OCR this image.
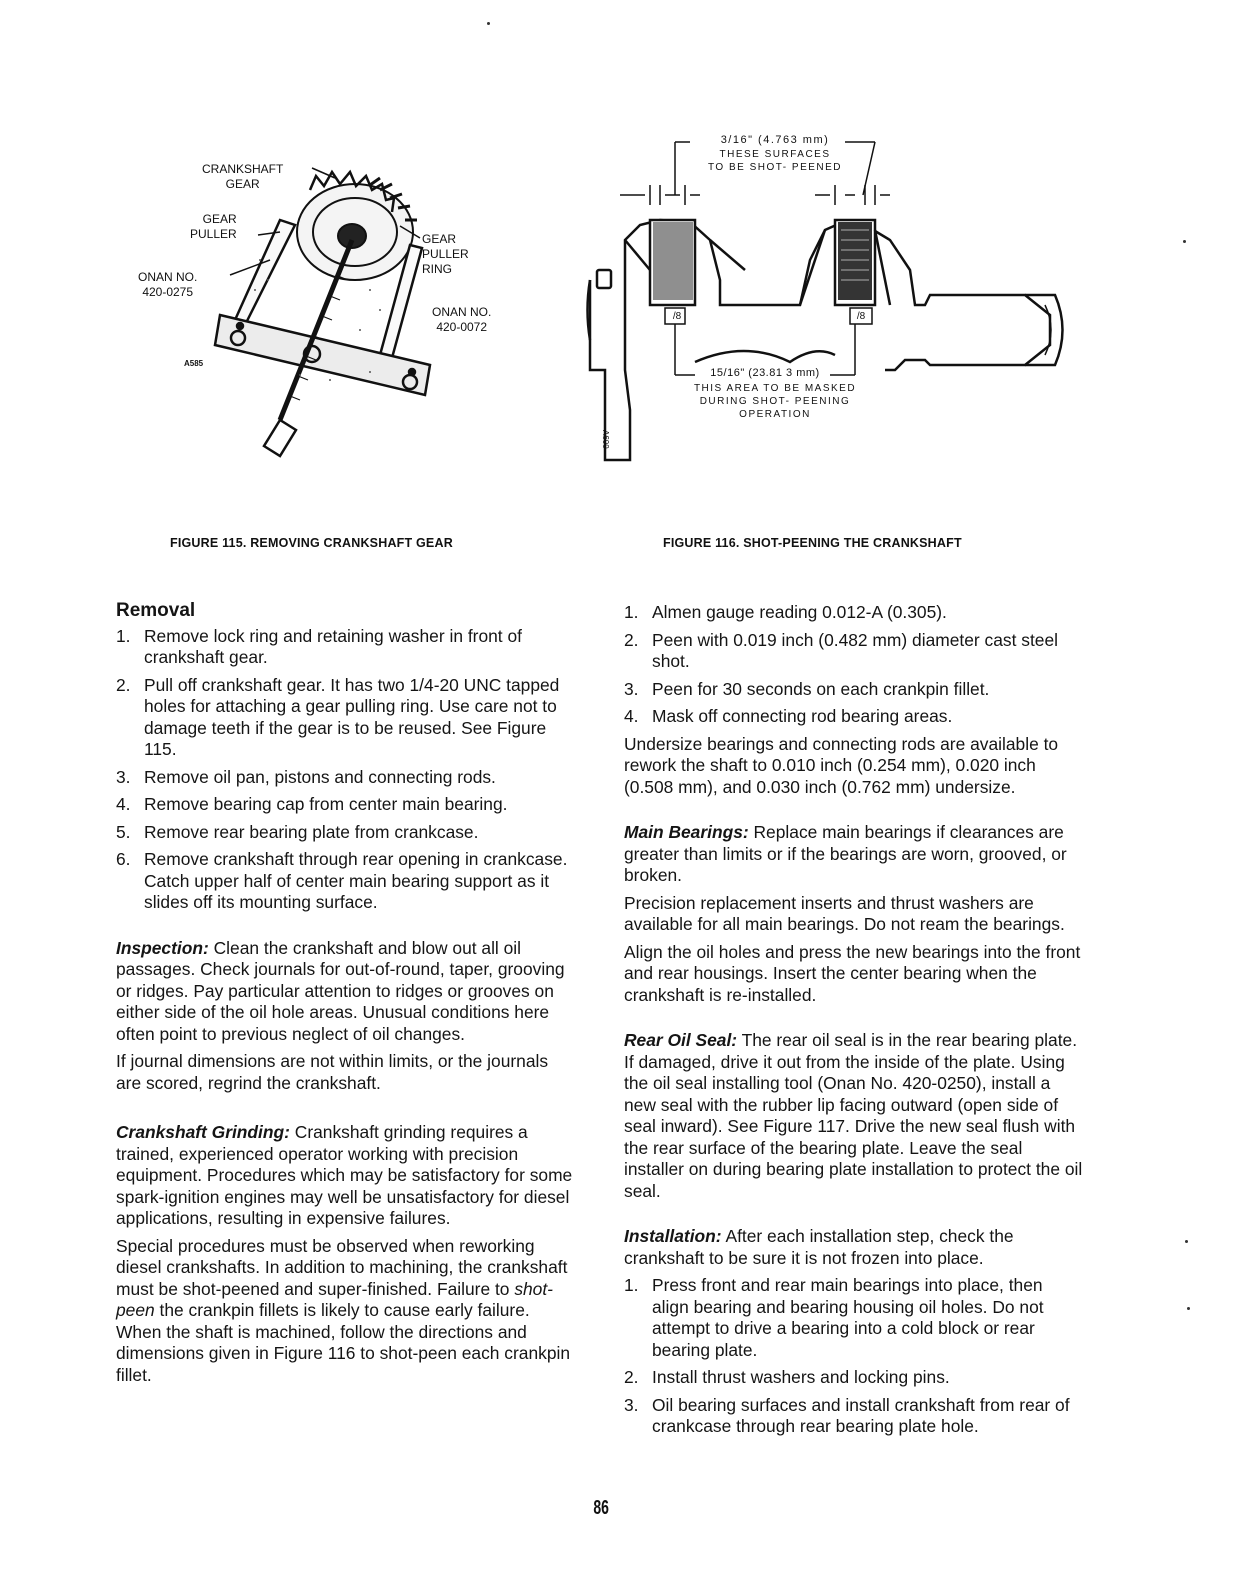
CRANKSHAFT
GEAR
GEAR
PULLER	GEAR
PULLER
RING
ONAN NO.
420-0275
ONAN NO.
420-0072
A585
A600
3/16" (4.763 mm)
THESE SURFACES
TO BE SHOT- PEENED
/8	/8
15/16" (23.81 3 mm)
THIS AREA TO BE MASKED
DURING SHOT- PEENING
OPERATION
FIGURE 115. REMOVING CRANKSHAFT GEAR	FIGURE 116. SHOT-PEENING THE CRANKSHAFT
Removal
1. Remove lock ring and retaining washer in front of crankshaft gear.
2. Pull off crankshaft gear. It has two 1/4-20 UNC tapped holes for attaching a gear pulling ring. Use care not to damage teeth if the gear is to be reused. See Figure 115.
3. Remove oil pan, pistons and connecting rods.
4. Remove bearing cap from center main bearing.
5. Remove rear bearing plate from crankcase.
6. Remove crankshaft through rear opening in crankcase. Catch upper half of center main bearing support as it slides off its mounting surface.

Inspection: Clean the crankshaft and blow out all oil passages. Check journals for out-of-round, taper, grooving or ridges. Pay particular attention to ridges or grooves on either side of the oil hole areas. Unusual conditions here often point to previous neglect of oil changes.

If journal dimensions are not within limits, or the journals are scored, regrind the crankshaft.

Crankshaft Grinding: Crankshaft grinding requires a trained, experienced operator working with precision equipment. Procedures which may be satisfactory for some spark-ignition engines may well be unsatisfactory for diesel applications, resulting in expensive failures.

Special procedures must be observed when reworking diesel crankshafts. In addition to machining, the crankshaft must be shot-peened and super-finished. Failure to shot-peen the crankpin fillets is likely to cause early failure. When the shaft is machined, follow the directions and dimensions given in Figure 116 to shot-peen each crankpin fillet.

1. Almen gauge reading 0.012-A (0.305).
2. Peen with 0.019 inch (0.482 mm) diameter cast steel shot.
3. Peen for 30 seconds on each crankpin fillet.
4. Mask off connecting rod bearing areas.

Undersize bearings and connecting rods are available to rework the shaft to 0.010 inch (0.254 mm), 0.020 inch (0.508 mm), and 0.030 inch (0.762 mm) undersize.

Main Bearings: Replace main bearings if clearances are greater than limits or if the bearings are worn, grooved, or broken.

Precision replacement inserts and thrust washers are available for all main bearings. Do not ream the bearings.

Align the oil holes and press the new bearings into the front and rear housings. Insert the center bearing when the crankshaft is re-installed.

Rear Oil Seal: The rear oil seal is in the rear bearing plate. If damaged, drive it out from the inside of the plate. Using the oil seal installing tool (Onan No. 420-0250), install a new seal with the rubber lip facing outward (open side of seal inward). See Figure 117. Drive the new seal flush with the rear surface of the bearing plate. Leave the seal installer on during bearing plate installation to protect the oil seal.

Installation: After each installation step, check the crankshaft to be sure it is not frozen into place.

1. Press front and rear main bearings into place, then align bearing and bearing housing oil holes. Do not attempt to drive a bearing into a cold block or rear bearing plate.
2. Install thrust washers and locking pins.
3. Oil bearing surfaces and install crankshaft from rear of crankcase through rear bearing plate hole.
86
